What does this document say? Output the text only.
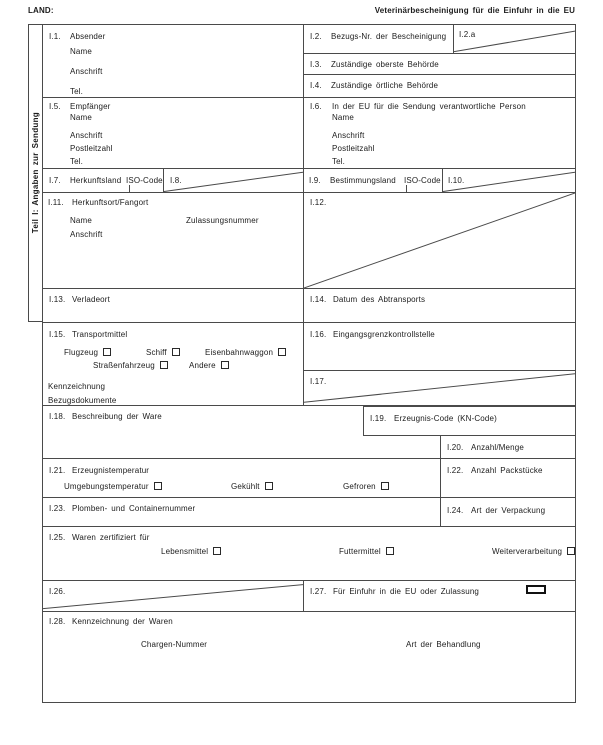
LAND:	Veterinärbescheinigung für die Einfuhr in die EU
Teil I: Angaben zur Sendung
I.1. Absender
Name
Anschrift
Tel.
I.2. Bezugs-Nr. der Bescheinigung I.2.a
I.3. Zuständige oberste Behörde
I.4. Zuständige örtliche Behörde
I.5. Empfänger
Name
Anschrift
Postleitzahl
Tel.
I.6. In der EU für die Sendung verantwortliche Person
Name
Anschrift
Postleitzahl
Tel.
I.7. Herkunftsland ISO-Code I.8.	I.9. Bestimmungsland ISO-Code I.10.
I.11. Herkunftsort/Fangort
Name	Zulassungsnummer
Anschrift
I.12.
I.13. Verladeort	I.14. Datum des Abtransports
I.15. Transportmittel
Flugzeug	Schiff	Eisenbahnwaggon
Straßenfahrzeug	Andere
Kennzeichnung
Bezugsdokumente
I.16. Eingangsgrenzkontrollstelle
I.17.
I.18. Beschreibung der Ware	I.19. Erzeugnis-Code (KN-Code)
I.20. Anzahl/Menge
I.21. Erzeugnistemperatur
Umgebungstemperatur	Gekühlt	Gefroren
I.22. Anzahl Packstücke
I.23. Plomben- und Containernummer	I.24. Art der Verpackung
I.25. Waren zertifiziert für
Lebensmittel	Futtermittel	Weiterverarbeitung
I.26.	I.27. Für Einfuhr in die EU oder Zulassung
I.28. Kennzeichnung der Waren
Chargen-Nummer	Art der Behandlung
